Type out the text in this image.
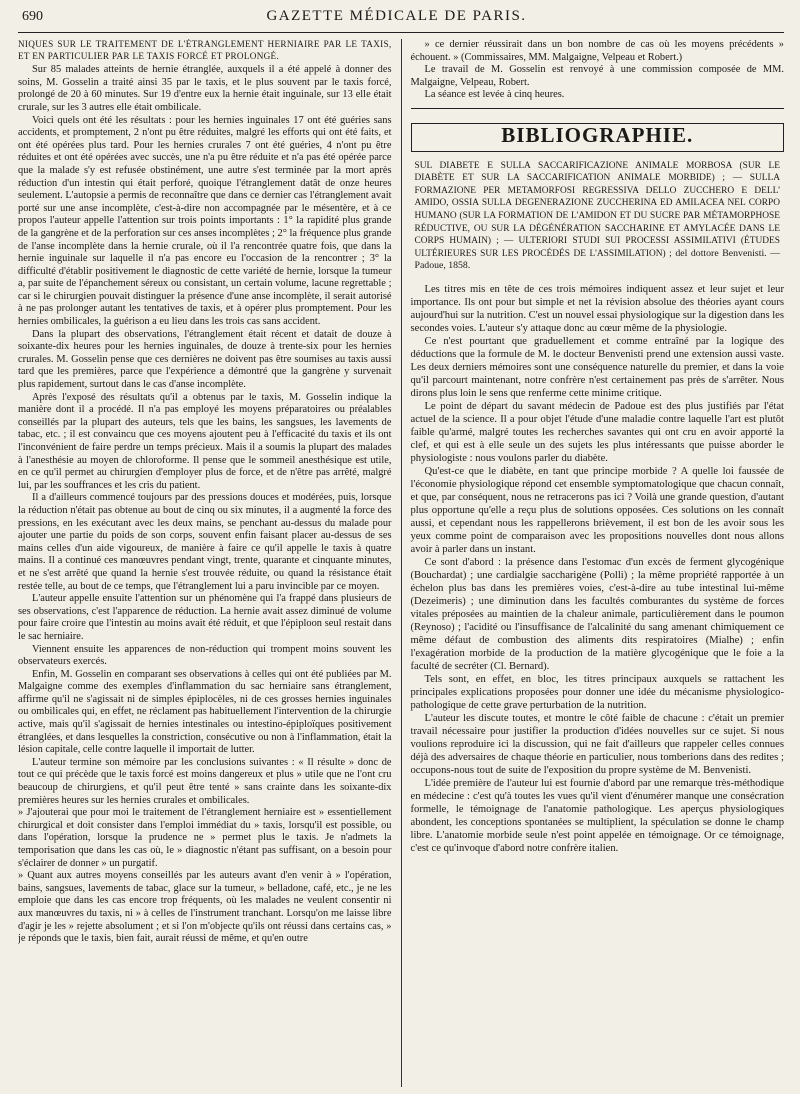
690	GAZETTE MÉDICALE DE PARIS.

NIQUES SUR LE TRAITEMENT DE L'ÉTRANGLEMENT HERNIAIRE PAR LE TAXIS, ET EN PARTICULIER PAR LE TAXIS FORCÉ ET PROLONGÉ.

Sur 85 malades atteints de hernie étranglée, auxquels il a été appelé à donner des soins, M. Gosselin a traité ainsi 35 par le taxis, et le plus souvent par le taxis forcé, prolongé de 20 à 60 minutes. Sur 19 d'entre eux la hernie était inguinale, sur 13 elle était crurale, sur les 3 autres elle était ombilicale.

Voici quels ont été les résultats : pour les hernies inguinales 17 ont été guéries sans accidents, et promptement, 2 n'ont pu être réduites, malgré les efforts qui ont été faits, et ont été opérées plus tard. Pour les hernies crurales 7 ont été guéries, 4 n'ont pu être réduites et ont été opérées avec succès, une n'a pu être réduite et n'a pas été opérée parce que la malade s'y est refusée obstinément, une autre s'est terminée par la mort après réduction d'un intestin qui était perforé, quoique l'étranglement datât de onze heures seulement. L'autopsie a permis de reconnaître que dans ce dernier cas l'étranglement avait porté sur une anse incomplète, c'est-à-dire non accompagnée par le mésentère, et à ce propos l'auteur appelle l'attention sur trois points importants : 1° la rapidité plus grande de la gangrène et de la perforation sur ces anses incomplètes ; 2° la fréquence plus grande de l'anse incomplète dans la hernie crurale, où il l'a rencontrée quatre fois, que dans la hernie inguinale sur laquelle il n'a pas encore eu l'occasion de la rencontrer ; 3° la difficulté d'établir positivement le diagnostic de cette variété de hernie, lorsque la tumeur a, par suite de l'épanchement séreux ou consistant, un certain volume, lacune regrettable ; car si le chirurgien pouvait distinguer la présence d'une anse incomplète, il serait autorisé à ne pas prolonger autant les tentatives de taxis, et à opérer plus promptement. Pour les hernies ombilicales, la guérison a eu lieu dans les trois cas sans accident.

Dans la plupart des observations, l'étranglement était récent et datait de douze à soixante-dix heures pour les hernies inguinales, de douze à trente-six pour les hernies crurales. M. Gosselin pense que ces dernières ne doivent pas être soumises au taxis aussi tard que les premières, parce que l'expérience a démontré que la gangrène y survenait plus rapidement, surtout dans le cas d'anse incomplète.

Après l'exposé des résultats qu'il a obtenus par le taxis, M. Gosselin indique la manière dont il a procédé. Il n'a pas employé les moyens préparatoires ou préalables conseillés par la plupart des auteurs, tels que les bains, les sangsues, les lavements de tabac, etc. ; il est convaincu que ces moyens ajoutent peu à l'efficacité du taxis et ils ont l'inconvénient de faire perdre un temps précieux. Mais il a soumis la plupart des malades à l'anesthésie au moyen de chloroforme. Il pense que le sommeil anesthésique est utile, en ce qu'il permet au chirurgien d'employer plus de force, et de n'être pas arrêté, malgré lui, par les souffrances et les cris du patient.

Il a d'ailleurs commencé toujours par des pressions douces et modérées, puis, lorsque la réduction n'était pas obtenue au bout de cinq ou six minutes, il a augmenté la force des pressions, en les exécutant avec les deux mains, se penchant au-dessus du malade pour ajouter une partie du poids de son corps, souvent enfin faisant placer au-dessus de ses mains celles d'un aide vigoureux, de manière à faire ce qu'il appelle le taxis à quatre mains. Il a continué ces manœuvres pendant vingt, trente, quarante et cinquante minutes, et ne s'est arrêté que quand la hernie s'est trouvée réduite, ou quand la résistance était restée telle, au bout de ce temps, que l'étranglement lui a paru invincible par ce moyen.

L'auteur appelle ensuite l'attention sur un phénomène qui l'a frappé dans plusieurs de ses observations, c'est l'apparence de réduction. La hernie avait assez diminué de volume pour faire croire que l'intestin au moins avait été réduit, et que l'épiploon seul restait dans le sac herniaire.

Viennent ensuite les apparences de non-réduction qui trompent moins souvent les observateurs exercés.

Enfin, M. Gosselin en comparant ses observations à celles qui ont été publiées par M. Malgaigne comme des exemples d'inflammation du sac herniaire sans étranglement, affirme qu'il ne s'agissait ni de simples épiplocèles, ni de ces grosses hernies inguinales ou ombilicales qui, en effet, ne réclament pas habituellement l'intervention de la chirurgie active, mais qu'il s'agissait de hernies intestinales ou intestino-épiploïques positivement étranglées, et dans lesquelles la constriction, consécutive ou non à l'inflammation, était la lésion capitale, celle contre laquelle il importait de lutter.

L'auteur termine son mémoire par les conclusions suivantes : « Il résulte » donc de tout ce qui précède que le taxis forcé est moins dangereux et plus » utile que ne l'ont cru beaucoup de chirurgiens, et qu'il peut être tenté » sans crainte dans les soixante-dix premières heures sur les hernies crurales et ombilicales.

» J'ajouterai que pour moi le traitement de l'étranglement herniaire est » essentiellement chirurgical et doit consister dans l'emploi immédiat du » taxis, lorsqu'il est possible, ou dans l'opération, lorsque la prudence ne » permet plus le taxis. Je n'admets la temporisation que dans les cas où, le » diagnostic n'étant pas suffisant, on a besoin pour s'éclairer de donner » un purgatif.

» Quant aux autres moyens conseillés par les auteurs avant d'en venir à » l'opération, bains, sangsues, lavements de tabac, glace sur la tumeur, » belladone, café, etc., je ne les emploie que dans les cas encore trop fréquents, où les malades ne veulent consentir ni aux manœuvres du taxis, ni » à celles de l'instrument tranchant. Lorsqu'on me laisse libre d'agir je les » rejette absolument ; et si l'on m'objecte qu'ils ont réussi dans certains cas, » je réponds que le taxis, bien fait, aurait réussi de même, et qu'en outre

» ce dernier réussirait dans un bon nombre de cas où les moyens précédents » échouent. » (Commissaires, MM. Malgaigne, Velpeau et Robert.)

Le travail de M. Gosselin est renvoyé à une commission composée de MM. Malgaigne, Velpeau, Robert.

La séance est levée à cinq heures.

BIBLIOGRAPHIE.

SUL DIABETE E SULLA SACCARIFICAZIONE ANIMALE MORBOSA (SUR LE DIABÈTE ET SUR LA SACCARIFICATION ANIMALE MORBIDE) ; — SULLA FORMAZIONE PER METAMORFOSI REGRESSIVA DELLO ZUCCHERO E DELL' AMIDO, OSSIA SULLA DEGENERAZIONE ZUCCHERINA ED AMILACEA NEL CORPO HUMANO (SUR LA FORMATION DE L'AMIDON ET DU SUCRE PAR MÉTAMORPHOSE RÉDUCTIVE, OU SUR LA DÉGÉNÉRATION SACCHARINE ET AMYLACÉE DANS LE CORPS HUMAIN) ; — ULTERIORI STUDI SUI PROCESSI ASSIMILATIVI (ÉTUDES ULTÉRIEURES SUR LES PROCÉDÉS DE L'ASSIMILATION) ; del dottore Benvenisti. — Padoue, 1858.

Les titres mis en tête de ces trois mémoires indiquent assez et leur sujet et leur importance. Ils ont pour but simple et net la révision absolue des théories ayant cours aujourd'hui sur la nutrition. C'est un nouvel essai physiologique sur la digestion dans les secondes voies. L'auteur s'y attaque donc au cœur même de la physiologie.

Ce n'est pourtant que graduellement et comme entraîné par la logique des déductions que la formule de M. le docteur Benvenisti prend une extension aussi vaste. Les deux derniers mémoires sont une conséquence naturelle du premier, et dans la voie qu'il parcourt maintenant, notre confrère n'est certainement pas près de s'arrêter. Nous dirons plus loin le sens que renferme cette minime critique.

Le point de départ du savant médecin de Padoue est des plus justifiés par l'état actuel de la science. Il a pour objet l'étude d'une maladie contre laquelle l'art est plutôt faible qu'armé, malgré toutes les recherches savantes qui ont cru en avoir apporté la clef, et qui est à elle seule un des sujets les plus intéressants que puisse aborder le physiologiste : nous voulons parler du diabète.

Qu'est-ce que le diabète, en tant que principe morbide ? A quelle loi faussée de l'économie physiologique répond cet ensemble symptomatologique que chacun connaît, et que, par conséquent, nous ne retracerons pas ici ? Voilà une grande question, d'autant plus opportune qu'elle a reçu plus de solutions opposées. Ces solutions on les connaît aussi, et cependant nous les rappellerons brièvement, il est bon de les avoir sous les yeux comme point de comparaison avec les propositions nouvelles dont nous allons avoir à parler dans un instant.

Ce sont d'abord : la présence dans l'estomac d'un excès de ferment glycogénique (Bouchardat) ; une cardialgie saccharigène (Polli) ; la même propriété rapportée à un échelon plus bas dans les premières voies, c'est-à-dire au tube intestinal lui-même (Dezeimeris) ; une diminution dans les facultés comburantes du système de forces vitales préposées au maintien de la chaleur animale, particulièrement dans le poumon (Reynoso) ; l'acidité ou l'insuffisance de l'alcalinité du sang amenant chimiquement ce même défaut de combustion des aliments dits respiratoires (Mialhe) ; enfin l'exagération morbide de la production de la matière glycogénique que le foie a la faculté de secréter (Cl. Bernard).

Tels sont, en effet, en bloc, les titres principaux auxquels se rattachent les principales explications proposées pour donner une idée du mécanisme physiologico-pathologique de cette grave perturbation de la nutrition.

L'auteur les discute toutes, et montre le côté faible de chacune : c'était un premier travail nécessaire pour justifier la production d'idées nouvelles sur ce sujet. Si nous voulions reproduire ici la discussion, qui ne fait d'ailleurs que rappeler celles connues déjà des adversaires de chaque théorie en particulier, nous tomberions dans des redites ; occupons-nous tout de suite de l'exposition du propre système de M. Benvenisti.

L'idée première de l'auteur lui est fournie d'abord par une remarque très-méthodique en médecine : c'est qu'à toutes les vues qu'il vient d'énumérer manque une consécration formelle, le témoignage de l'anatomie pathologique. Les aperçus physiologiques abondent, les conceptions spontanées se multiplient, la spéculation se donne le champ libre. L'anatomie morbide seule n'est point appelée en témoignage. Or ce témoignage, c'est ce qu'invoque d'abord notre confrère italien.
